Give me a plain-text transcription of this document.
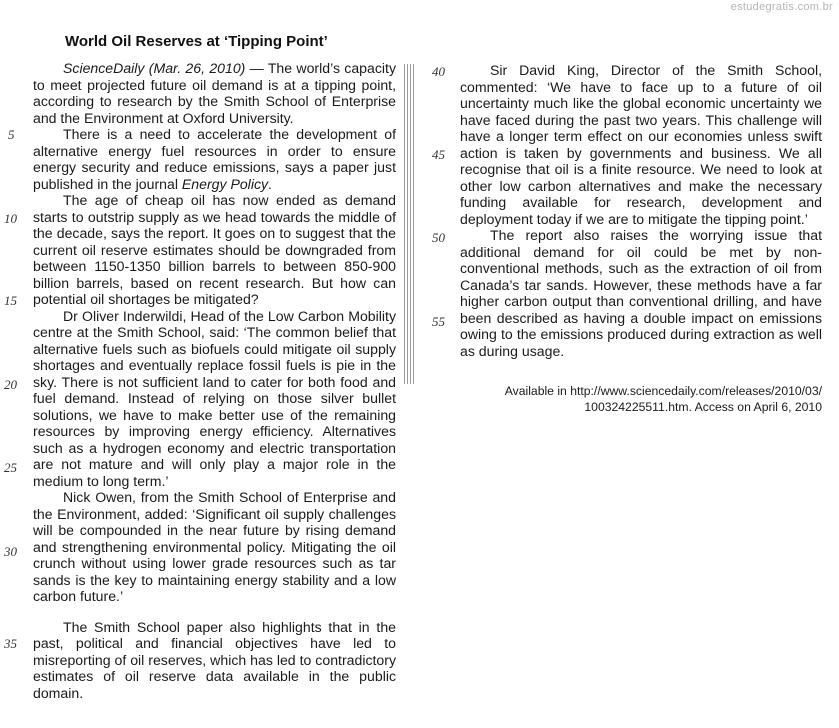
estudegratis.com.br
World Oil Reserves at ‘Tipping Point’

ScienceDaily (Mar. 26, 2010) — The world’s capacity to meet projected future oil demand is at a tipping point, according to research by the Smith School of Enterprise and the Environment at Oxford University.

There is a need to accelerate the development of alternative energy fuel resources in order to ensure energy security and reduce emissions, says a paper just published in the journal Energy Policy.

The age of cheap oil has now ended as demand starts to outstrip supply as we head towards the middle of the decade, says the report. It goes on to suggest that the current oil reserve estimates should be downgraded from between 1150-1350 billion barrels to between 850-900 billion barrels, based on recent research. But how can potential oil shortages be mitigated?

Dr Oliver Inderwildi, Head of the Low Carbon Mobility centre at the Smith School, said: ‘The common belief that alternative fuels such as biofuels could mitigate oil supply shortages and eventually replace fossil fuels is pie in the sky. There is not sufficient land to cater for both food and fuel demand. Instead of relying on those silver bullet solutions, we have to make better use of the remaining resources by improving energy efficiency. Alternatives such as a hydrogen economy and electric transportation are not mature and will only play a major role in the medium to long term.’

Nick Owen, from the Smith School of Enterprise and the Environment, added: ‘Significant oil supply challenges will be compounded in the near future by rising demand and strengthening environmental policy. Mitigating the oil crunch without using lower grade resources such as tar sands is the key to maintaining energy stability and a low carbon future.’

The Smith School paper also highlights that in the past, political and financial objectives have led to misreporting of oil reserves, which has led to contradictory estimates of oil reserve data available in the public domain.

Sir David King, Director of the Smith School, commented: ‘We have to face up to a future of oil uncertainty much like the global economic uncertainty we have faced during the past two years. This challenge will have a longer term effect on our economies unless swift action is taken by governments and business. We all recognise that oil is a finite resource. We need to look at other low carbon alternatives and make the necessary funding available for research, development and deployment today if we are to mitigate the tipping point.’

The report also raises the worrying issue that additional demand for oil could be met by non-conventional methods, such as the extraction of oil from Canada’s tar sands. However, these methods have a far higher carbon output than conventional drilling, and have been described as having a double impact on emissions owing to the emissions produced during extraction as well as during usage.

Available in http://www.sciencedaily.com/releases/2010/03/
100324225511.htm. Access on April 6, 2010
5
10
15
20
25
30
35
40
45
50
55
